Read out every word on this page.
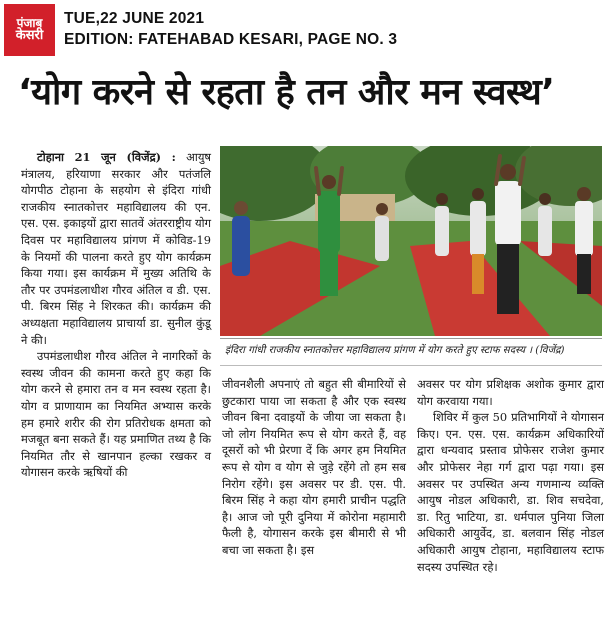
पंजाब
केसरी
TUE,22 JUNE 2021
EDITION: FATEHABAD KESARI, PAGE NO. 3
‘योग करने से रहता है तन और मन स्वस्थ’

टोहाना 21 जून (विजेंद्र) : आयुष मंत्रालय, हरियाणा सरकार और पतंजलि योगपीठ टोहाना के सहयोग से इंदिरा गांधी राजकीय स्नातकोत्तर महाविद्यालय की एन. एस. एस. इकाइयों द्वारा सातवें अंतरराष्ट्रीय योग दिवस पर महाविद्यालय प्रांगण में कोविड-19 के नियमों की पालना करते हुए योग कार्यक्रम किया गया। इस कार्यक्रम में मुख्य अतिथि के तौर पर उपमंडलाधीश गौरव अंतिल व डी. एस. पी. बिरम सिंह ने शिरकत की। कार्यक्रम की अध्यक्षता महाविद्यालय प्राचार्या डा. सुनील कुंडू ने की।

उपमंडलाधीश गौरव अंतिल ने नागरिकों के स्वस्थ जीवन की कामना करते हुए कहा कि योग करने से हमारा तन व मन स्वस्थ रहता है। योग व प्राणायाम का नियमित अभ्यास करके हम हमारे शरीर की रोग प्रतिरोधक क्षमता को मजबूत बना सकते हैं। यह प्रमाणित तथ्य है कि नियमित तौर से खानपान हल्का रखकर व योगासन करके ऋषियों की

इंदिरा गांधी राजकीय स्नातकोत्तर महाविद्यालय प्रांगण में योग करते हुए स्टाफ सदस्य । (विजेंद्र)

जीवनशैली अपनाएं तो बहुत सी बीमारियों से छुटकारा पाया जा सकता है और एक स्वस्थ जीवन बिना दवाइयों के जीया जा सकता है। जो लोग नियमित रूप से योग करते हैं, वह दूसरों को भी प्रेरणा दें कि अगर हम नियमित रूप से योग व योग से जुड़े रहेंगे तो हम सब निरोग रहेंगे। इस अवसर पर डी. एस. पी. बिरम सिंह ने कहा योग हमारी प्राचीन पद्धति है। आज जो पूरी दुनिया में कोरोना महामारी फैली है, योगासन करके इस बीमारी से भी बचा जा सकता है। इस

अवसर पर योग प्रशिक्षक अशोक कुमार द्वारा योग करवाया गया।

शिविर में कुल 50 प्रतिभागियों ने योगासन किए। एन. एस. एस. कार्यक्रम अधिकारियों द्वारा धन्यवाद प्रस्ताव प्रोफेसर राजेश कुमार और प्रोफेसर नेहा गर्ग द्वारा पढ़ा गया। इस अवसर पर उपस्थित अन्य गणमान्य व्यक्ति आयुष नोडल अधिकारी, डा. शिव सचदेवा, डा. रितु भाटिया, डा. धर्मपाल पुनिया जिला अधिकारी आयुर्वेद, डा. बलवान सिंह नोडल अधिकारी आयुष टोहाना, महाविद्यालय स्टाफ सदस्य उपस्थित रहे।
